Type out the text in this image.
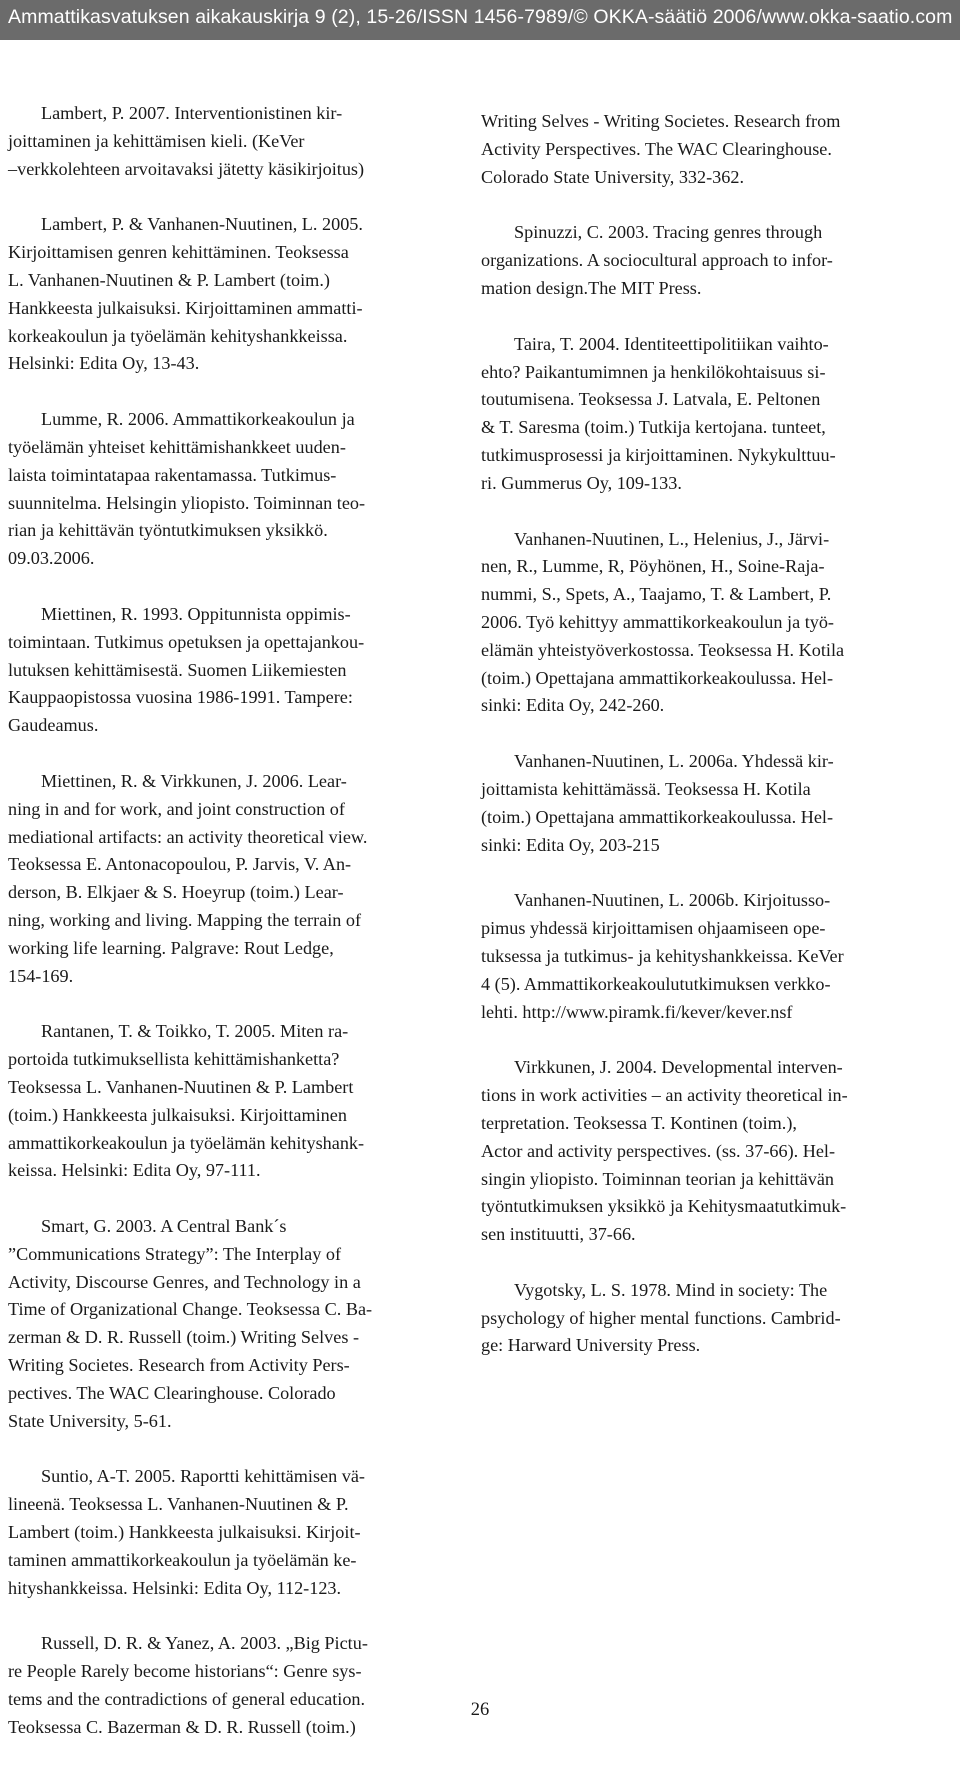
Ammattikasvatuksen aikakauskirja 9 (2), 15-26/ISSN 1456-7989/© OKKA-säätiö 2006/www.okka-saatio.com
Lambert, P. 2007. Interventionistinen kir-
joittaminen ja kehittämisen kieli. (KeVer
–verkkolehteen arvoitavaksi jätetty käsikirjoitus)
Lambert, P. & Vanhanen-Nuutinen, L. 2005.
Kirjoittamisen genren kehittäminen. Teoksessa
L. Vanhanen-Nuutinen & P. Lambert (toim.)
Hankkeesta julkaisuksi. Kirjoittaminen ammatti-
korkeakoulun ja työelämän kehityshankkeissa.
Helsinki: Edita Oy, 13-43.
Lumme, R. 2006. Ammattikorkeakoulun ja
työelämän yhteiset kehittämishankkeet uuden-
laista toimintatapaa rakentamassa. Tutkimus-
suunnitelma. Helsingin yliopisto. Toiminnan teo-
rian ja kehittävän työntutkimuksen yksikkö.
09.03.2006.
Miettinen, R. 1993. Oppitunnista oppimis-
toimintaan. Tutkimus opetuksen ja opettajankou-
lutuksen kehittämisestä. Suomen Liikemiesten
Kauppaopistossa vuosina 1986-1991. Tampere:
Gaudeamus.
Miettinen, R. & Virkkunen, J. 2006. Lear-
ning in and for work, and joint construction of
mediational artifacts: an activity theoretical view.
Teoksessa E. Antonacopoulou, P. Jarvis, V. An-
derson, B. Elkjaer & S. Hoeyrup (toim.) Lear-
ning, working and living. Mapping the terrain of
working life learning. Palgrave: Rout Ledge,
154-169.
Rantanen, T. & Toikko, T. 2005. Miten ra-
portoida tutkimuksellista kehittämishanketta?
Teoksessa L. Vanhanen-Nuutinen & P. Lambert
(toim.) Hankkeesta julkaisuksi. Kirjoittaminen
ammattikorkeakoulun ja työelämän kehityshank-
keissa. Helsinki: Edita Oy, 97-111.
Smart, G. 2003. A Central Bank´s
”Communications Strategy”: The Interplay of
Activity, Discourse Genres, and Technology in a
Time of Organizational Change. Teoksessa C. Ba-
zerman & D. R. Russell (toim.) Writing Selves -
Writing Societes. Research from Activity Pers-
pectives. The WAC Clearinghouse. Colorado
State University, 5-61.
Suntio, A-T. 2005. Raportti kehittämisen vä-
lineenä. Teoksessa L. Vanhanen-Nuutinen & P.
Lambert (toim.) Hankkeesta julkaisuksi. Kirjoit-
taminen ammattikorkeakoulun ja työelämän ke-
hityshankkeissa. Helsinki: Edita Oy, 112-123.
Russell, D. R. & Yanez, A. 2003. „Big Pictu-
re People Rarely become historians“: Genre sys-
tems and the contradictions of general education.
Teoksessa C. Bazerman & D. R. Russell (toim.)
Writing Selves - Writing Societes. Research from
Activity Perspectives. The WAC Clearinghouse.
Colorado State University, 332-362.
Spinuzzi, C. 2003. Tracing genres through
organizations. A sociocultural approach to infor-
mation design.The MIT Press.
Taira, T. 2004. Identiteettipolitiikan vaihto-
ehto? Paikantumimnen ja henkilökohtaisuus si-
toutumisena. Teoksessa J. Latvala, E. Peltonen
& T. Saresma (toim.) Tutkija kertojana. tunteet,
tutkimusprosessi ja kirjoittaminen. Nykykulttuu-
ri. Gummerus Oy, 109-133.
Vanhanen-Nuutinen, L., Helenius, J., Järvi-
nen, R., Lumme, R, Pöyhönen, H., Soine-Raja-
nummi, S., Spets, A., Taajamo, T. & Lambert, P.
2006. Työ kehittyy ammattikorkeakoulun ja työ-
elämän yhteistyöverkostossa. Teoksessa H. Kotila
(toim.) Opettajana ammattikorkeakoulussa. Hel-
sinki: Edita Oy, 242-260.
Vanhanen-Nuutinen, L. 2006a. Yhdessä kir-
joittamista kehittämässä. Teoksessa H. Kotila
(toim.) Opettajana ammattikorkeakoulussa. Hel-
sinki: Edita Oy, 203-215
Vanhanen-Nuutinen, L. 2006b. Kirjoitusso-
pimus yhdessä kirjoittamisen ohjaamiseen ope-
tuksessa ja tutkimus- ja kehityshankkeissa. KeVer
4 (5). Ammattikorkeakoulututkimuksen verkko-
lehti. http://www.piramk.fi/kever/kever.nsf
Virkkunen, J. 2004. Developmental interven-
tions in work activities – an activity theoretical in-
terpretation. Teoksessa T. Kontinen (toim.),
Actor and activity perspectives. (ss. 37-66). Hel-
singin yliopisto. Toiminnan teorian ja kehittävän
työntutkimuksen yksikkö ja Kehitysmaatutkimuk-
sen instituutti, 37-66.
Vygotsky, L. S. 1978. Mind in society: The
psychology of higher mental functions. Cambrid-
ge: Harward University Press.
26
